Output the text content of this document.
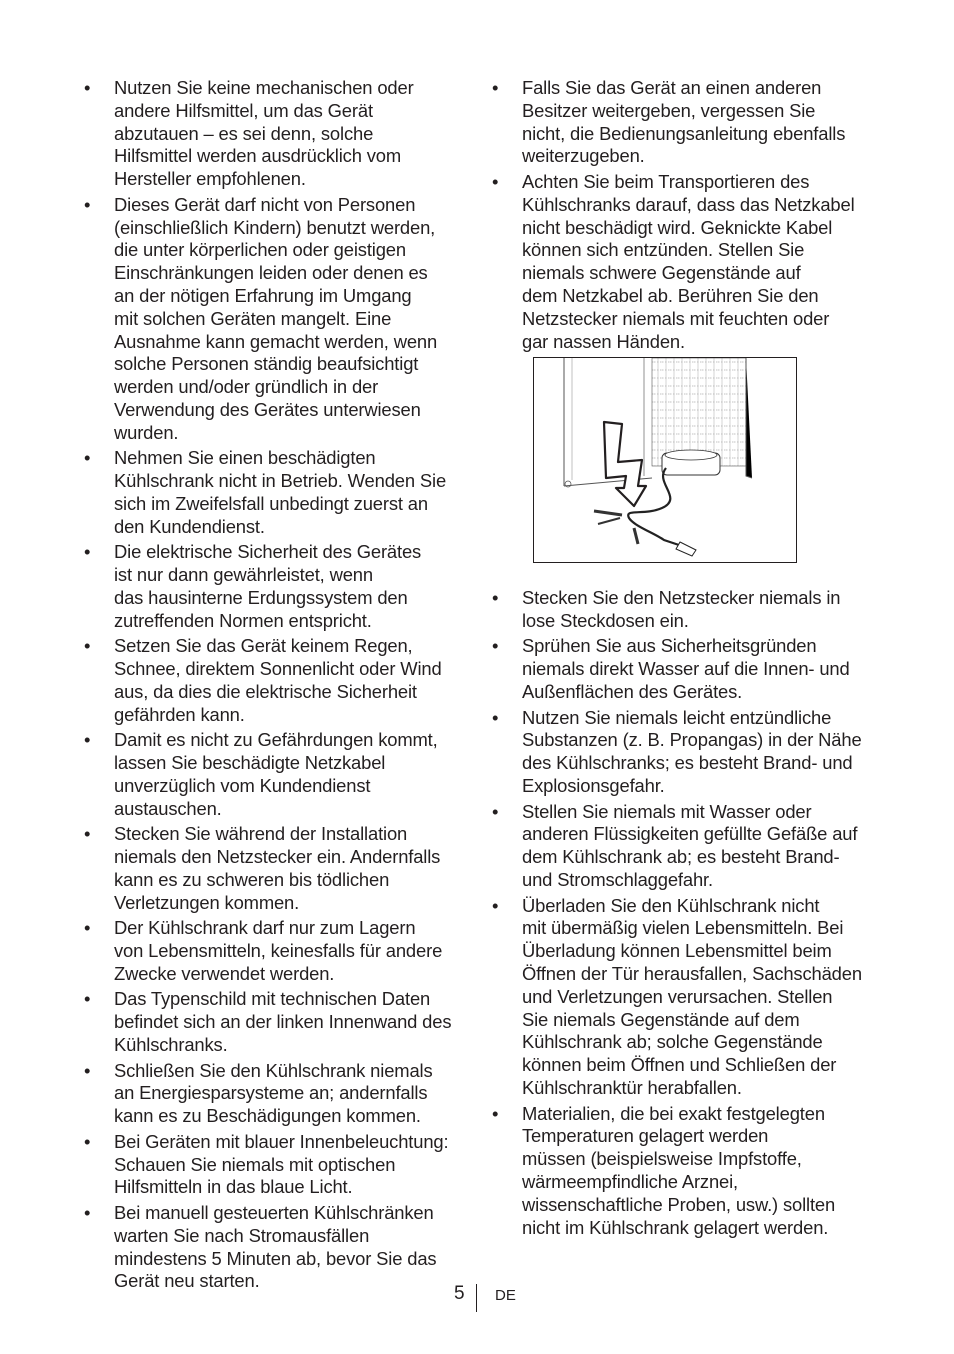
• Nutzen Sie keine mechanischen oder
andere Hilfsmittel, um das Gerät
abzutauen – es sei denn, solche
Hilfsmittel werden ausdrücklich vom
Hersteller empfohlenen.
• Dieses Gerät darf nicht von Personen
(einschließlich Kindern) benutzt werden,
die unter körperlichen oder geistigen
Einschränkungen leiden oder denen es
an der nötigen Erfahrung im Umgang
mit solchen Geräten mangelt. Eine
Ausnahme kann gemacht werden, wenn
solche Personen ständig beaufsichtigt
werden und/oder gründlich in der
Verwendung des Gerätes unterwiesen
wurden.
• Nehmen Sie einen beschädigten
Kühlschrank nicht in Betrieb. Wenden Sie
sich im Zweifelsfall unbedingt zuerst an
den Kundendienst.
• Die elektrische Sicherheit des Gerätes
ist nur dann gewährleistet, wenn
das hausinterne Erdungssystem den
zutreffenden Normen entspricht.
• Setzen Sie das Gerät keinem Regen,
Schnee, direktem Sonnenlicht oder Wind
aus, da dies die elektrische Sicherheit
gefährden kann.
• Damit es nicht zu Gefährdungen kommt,
lassen Sie beschädigte Netzkabel
unverzüglich vom Kundendienst
austauschen.
• Stecken Sie während der Installation
niemals den Netzstecker ein. Andernfalls
kann es zu schweren bis tödlichen
Verletzungen kommen.
• Der Kühlschrank darf nur zum Lagern
von Lebensmitteln, keinesfalls für andere
Zwecke verwendet werden.
• Das Typenschild mit technischen Daten
befindet sich an der linken Innenwand des
Kühlschranks.
• Schließen Sie den Kühlschrank niemals
an Energiesparsysteme an; andernfalls
kann es zu Beschädigungen kommen.
• Bei Geräten mit blauer Innenbeleuchtung:
Schauen Sie niemals mit optischen
Hilfsmitteln in das blaue Licht.
• Bei manuell gesteuerten Kühlschränken
warten Sie nach Stromausfällen
mindestens 5 Minuten ab, bevor Sie das
Gerät neu starten.
• Falls Sie das Gerät an einen anderen
Besitzer weitergeben, vergessen Sie
nicht, die Bedienungsanleitung ebenfalls
weiterzugeben.
• Achten Sie beim Transportieren des
Kühlschranks darauf, dass das Netzkabel
nicht beschädigt wird. Geknickte Kabel
können sich entzünden. Stellen Sie
niemals schwere Gegenstände auf
dem Netzkabel ab. Berühren Sie den
Netzstecker niemals mit feuchten oder
gar nassen Händen.
• Stecken Sie den Netzstecker niemals in
lose Steckdosen ein.
• Sprühen Sie aus Sicherheitsgründen
niemals direkt Wasser auf die Innen- und
Außenflächen des Gerätes.
• Nutzen Sie niemals leicht entzündliche
Substanzen (z. B. Propangas) in der Nähe
des Kühlschranks; es besteht Brand- und
Explosionsgefahr.
• Stellen Sie niemals mit Wasser oder
anderen Flüssigkeiten gefüllte Gefäße auf
dem Kühlschrank ab; es besteht Brand-
und Stromschlaggefahr.
• Überladen Sie den Kühlschrank nicht
mit übermäßig vielen Lebensmitteln. Bei
Überladung können Lebensmittel beim
Öffnen der Tür herausfallen, Sachschäden
und Verletzungen verursachen. Stellen
Sie niemals Gegenstände auf dem
Kühlschrank ab; solche Gegenstände
können beim Öffnen und Schließen der
Kühlschranktür herabfallen.
• Materialien, die bei exakt festgelegten
Temperaturen gelagert werden
müssen (beispielsweise Impfstoffe,
wärmeempfindliche Arznei,
wissenschaftliche Proben, usw.) sollten
nicht im Kühlschrank gelagert werden.
5 DE
